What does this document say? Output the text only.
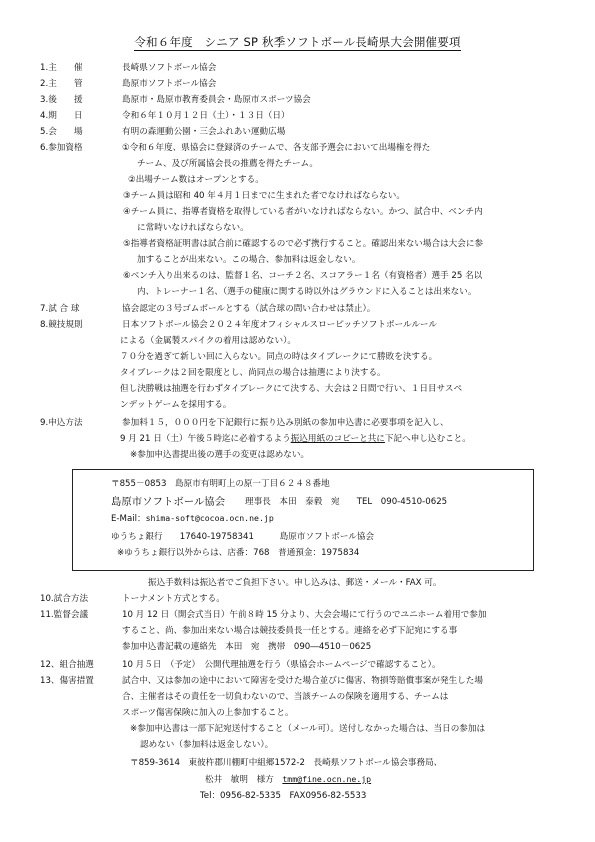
令和６年度　シニア SP 秋季ソフトボール長崎県大会開催要項
1.主　　催	長崎県ソフトボール協会
2.主　　管	島原市ソフトボール協会
3.後　　援	島原市・島原市教育委員会・島原市スポーツ協会
4.期　　日	令和６年１０月１２日（土）・１３日（日）
5.会　　場	有明の森運動公園・三会ふれあい運動広場
6.参加資格	①令和６年度、県協会に登録済のチームで、各支部予選会において出場権を得た
チーム、及び所属協会長の推薦を得たチーム。
②出場チーム数はオープンとする。
③チーム員は昭和 40 年４月１日までに生まれた者でなければならない。
④チーム員に、指導者資格を取得している者がいなければならない。かつ、試合中、ベンチ内
に常時いなければならない。
⑤指導者資格証明書は試合前に確認するので必ず携行すること。確認出来ない場合は大会に参
加することが出来ない。この場合、参加料は返金しない。
⑥ベンチ入り出来るのは、監督１名、コーチ２名、スコアラー１名（有資格者）選手 25 名以
内、トレーナー１名、（選手の健康に関する時以外はグラウンドに入ることは出来ない。
7.試 合 球	協会認定の３号ゴムボールとする（試合球の問い合わせは禁止）。
8.競技規則	日本ソフトボール協会２０２４年度オフィシャルスローピッチソフトボールルール
による（金属製スパイクの着用は認めない）。
７０分を過ぎて新しい回に入らない。同点の時はタイブレークにて勝敗を決する。
タイブレークは２回を限度とし、尚同点の場合は抽選により決する。
但し決勝戦は抽選を行わずタイブレークにて決する、大会は２日間で行い、１日目サスペ
ンデットゲームを採用する。
9.申込方法	参加料１５，０００円を下記銀行に振り込み別紙の参加申込書に必要事項を記入し、
9 月 21 日（土）午後５時迄に必着するよう振込用紙のコピーと共に下記へ申し込むこと。
※参加申込書提出後の選手の変更は認めない。
〒855－0853　島原市有明町上の原一丁目６２４８番地
島原市ソフトボール協会 理事長　本田　泰毅　宛　　TEL　090-4510-0625
E-Mail：shima-soft@cocoa.ocn.ne.jp
ゆうちょ銀行　　17640-19758341　　　島原市ソフトボール協会
※ゆうちょ銀行以外からは、店番：768　普通預金：1975834
振込手数料は振込者でご負担下さい。申し込みは、郵送・メール・FAX 可。
10.試合方法	トーナメント方式とする。
11.監督会議	10 月 12 日（開会式当日）午前８時 15 分より、大会会場にて行うのでユニホーム着用で参加
すること、尚、参加出来ない場合は競技委員長一任とする。連絡を必ず下記宛にする事
参加申込書記載の連絡先　本田　宛　携帯　090―4510－0625
12、組合抽選	10 月５日　（予定）　公開代理抽選を行う（県協会ホームページで確認すること）。
13、傷害措置	試合中、又は参加の途中において障害を受けた場合並びに傷害、物損等賠償事案が発生した場
合、主催者はその責任を一切負わないので、当該チームの保険を適用する、チームは
スポーツ傷害保険に加入の上参加すること。
※参加申込書は一部下記宛送付すること（メール可）。送付しなかった場合は、当日の参加は
認めない（参加料は返金しない）。
〒859-3614　東彼杵郡川棚町中組郷1572-2　長崎県ソフトボール協会事務局、
松井　敏明　様方　 tmm@fine.ocn.ne.jp
Tel：0956-82-5335　FAX0956-82-5533
